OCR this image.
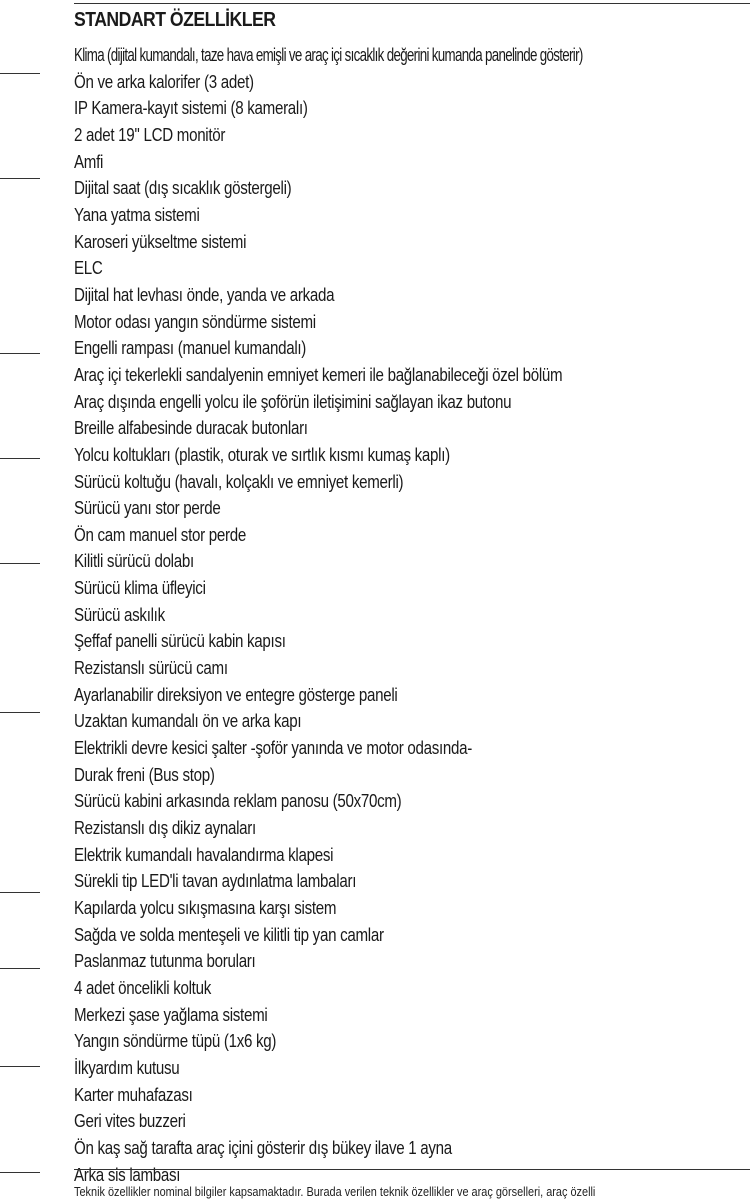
STANDART ÖZELLİKLER
Klima (dijital kumandalı, taze hava emişli ve araç içi sıcaklık değerini kumanda panelinde gösterir)
Ön ve arka kalorifer (3 adet)
IP Kamera-kayıt sistemi (8 kameralı)
2 adet 19'' LCD monitör
Amfi
Dijital saat (dış sıcaklık göstergeli)
Yana yatma sistemi
Karoseri yükseltme sistemi
ELC
Dijital hat levhası önde, yanda ve arkada
Motor odası yangın söndürme sistemi
Engelli rampası (manuel kumandalı)
Araç içi tekerlekli sandalyenin emniyet kemeri ile bağlanabileceği özel bölüm
Araç dışında engelli yolcu ile şoförün iletişimini sağlayan ikaz butonu
Breille alfabesinde duracak butonları
Yolcu koltukları (plastik, oturak ve sırtlık kısmı kumaş kaplı)
Sürücü koltuğu (havalı, kolçaklı ve emniyet kemerli)
Sürücü yanı stor perde
Ön cam manuel stor perde
Kilitli sürücü dolabı
Sürücü klima üfleyici
Sürücü askılık
Şeffaf panelli sürücü kabin kapısı
Rezistanslı sürücü camı
Ayarlanabilir direksiyon ve entegre gösterge paneli
Uzaktan kumandalı ön ve arka kapı
Elektrikli devre kesici şalter -şoför yanında ve motor odasında-
Durak freni (Bus stop)
Sürücü kabini arkasında reklam panosu (50x70cm)
Rezistanslı dış dikiz aynaları
Elektrik kumandalı havalandırma klapesi
Sürekli tip LED'li tavan aydınlatma lambaları
Kapılarda yolcu sıkışmasına karşı sistem
Sağda ve solda menteşeli ve kilitli tip yan camlar
Paslanmaz tutunma boruları
4 adet öncelikli koltuk
Merkezi şase yağlama sistemi
Yangın söndürme tüpü (1x6 kg)
İlkyardım kutusu
Karter muhafazası
Geri vites buzzeri
Ön kaş sağ tarafta araç içini gösterir dış bükey ilave 1 ayna
Arka sis lambası
Teknik özellikler nominal bilgiler kapsamaktadır. Burada verilen teknik özellikler ve araç görselleri, araç özelli
